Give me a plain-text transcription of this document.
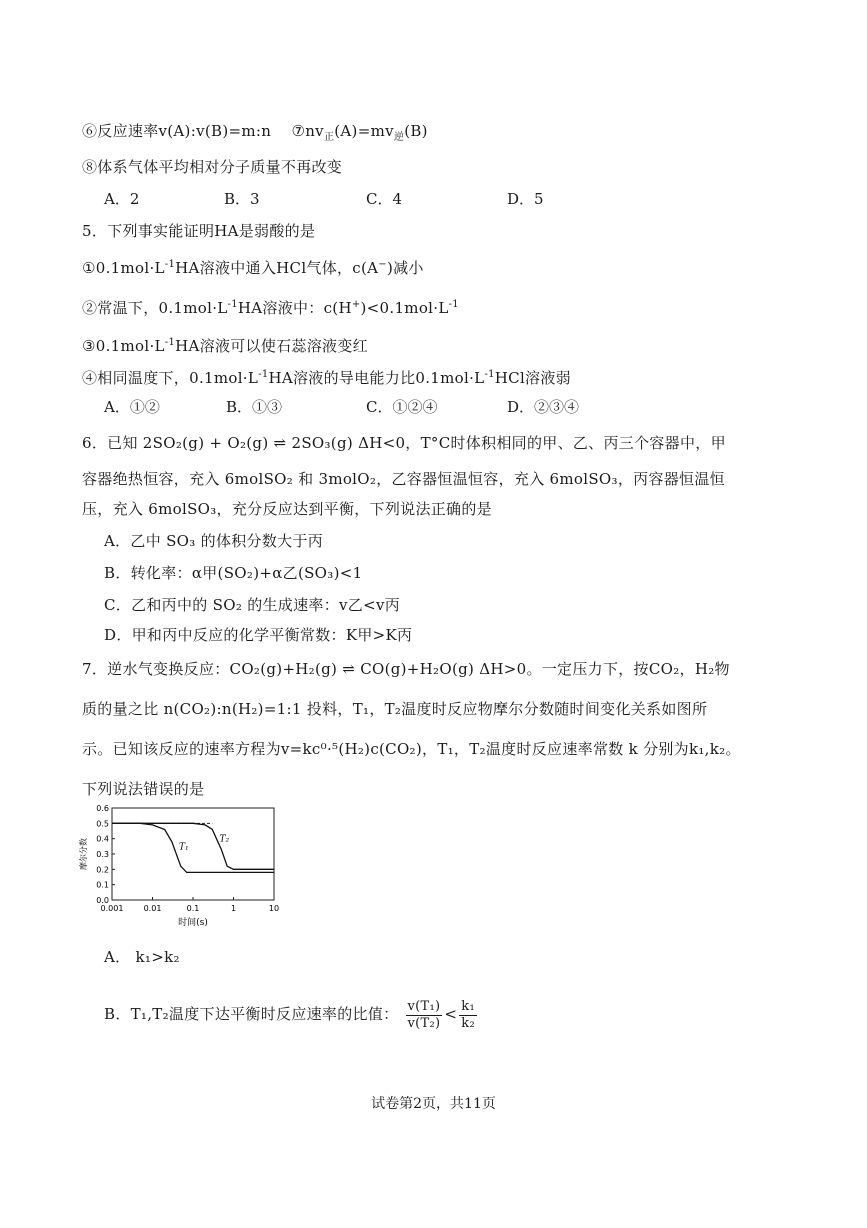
⑥反应速率v(A):v(B)=m:n $⑦nv_正(A)=mv_逆(B)$
⑧体系气体平均相对分子质量不再改变
A．2	B．3	C．4	D．5
5．下列事实能证明HA是弱酸的是
$①0.1mol\cdot L^{-1}HA$溶液中通入HCl气体，c(A−)减小
②常温下，$0.1mol\cdot L^{-1}HA$溶液中：$c(H^+)<0.1mol\cdot L^{-1}$
$③0.1mol\cdot L^{-1}HA$溶液可以使石蕊溶液变红
④相同温度下，$0.1mol\cdot L^{-1}HA$溶液的导电能力比$0.1mol\cdot L^{-1}HCl$溶液弱
A．①②	B．①③	C．①②④	D．②③④
6．已知 2SO₂(g) + O₂(g) ⇌ 2SO₃(g) ΔH<0，T°C时体积相同的甲、乙、丙三个容器中，甲
容器绝热恒容，充入 6molSO₂ 和 3molO₂，乙容器恒温恒容，充入 6molSO₃，丙容器恒温恒
压，充入 6molSO₃，充分反应达到平衡，下列说法正确的是
A．乙中 SO₃ 的体积分数大于丙
B．转化率：α甲(SO₂)+α乙(SO₃)<1
C．乙和丙中的 SO₂ 的生成速率：v乙<v丙
D．甲和丙中反应的化学平衡常数：K甲>K丙
7．逆水气变换反应：CO₂(g)+H₂(g) ⇌ CO(g)+H₂O(g) ΔH>0。一定压力下，按CO₂，H₂物
质的量之比 n(CO₂):n(H₂)=1:1 投料，T₁，T₂温度时反应物摩尔分数随时间变化关系如图所
示。已知该反应的速率方程为v=kc⁰·⁵(H₂)c(CO₂)，T₁，T₂温度时反应速率常数 k 分别为k₁,k₂。
下列说法错误的是
0.0
0.1
0.2
0.3
0.4
0.5
0.6
0.001	0.01	0.1	1	10
时间(s)
摩尔分数	T₁
T₂
A． k₁>k₂
B．T₁,T₂温度下达平衡时反应速率的比值： $\frac{\text{v(T₁)}}{\text{v(T₂)}} < \frac{\text{k₁}}{\text{k₂}}$
试卷第2页，共11页
